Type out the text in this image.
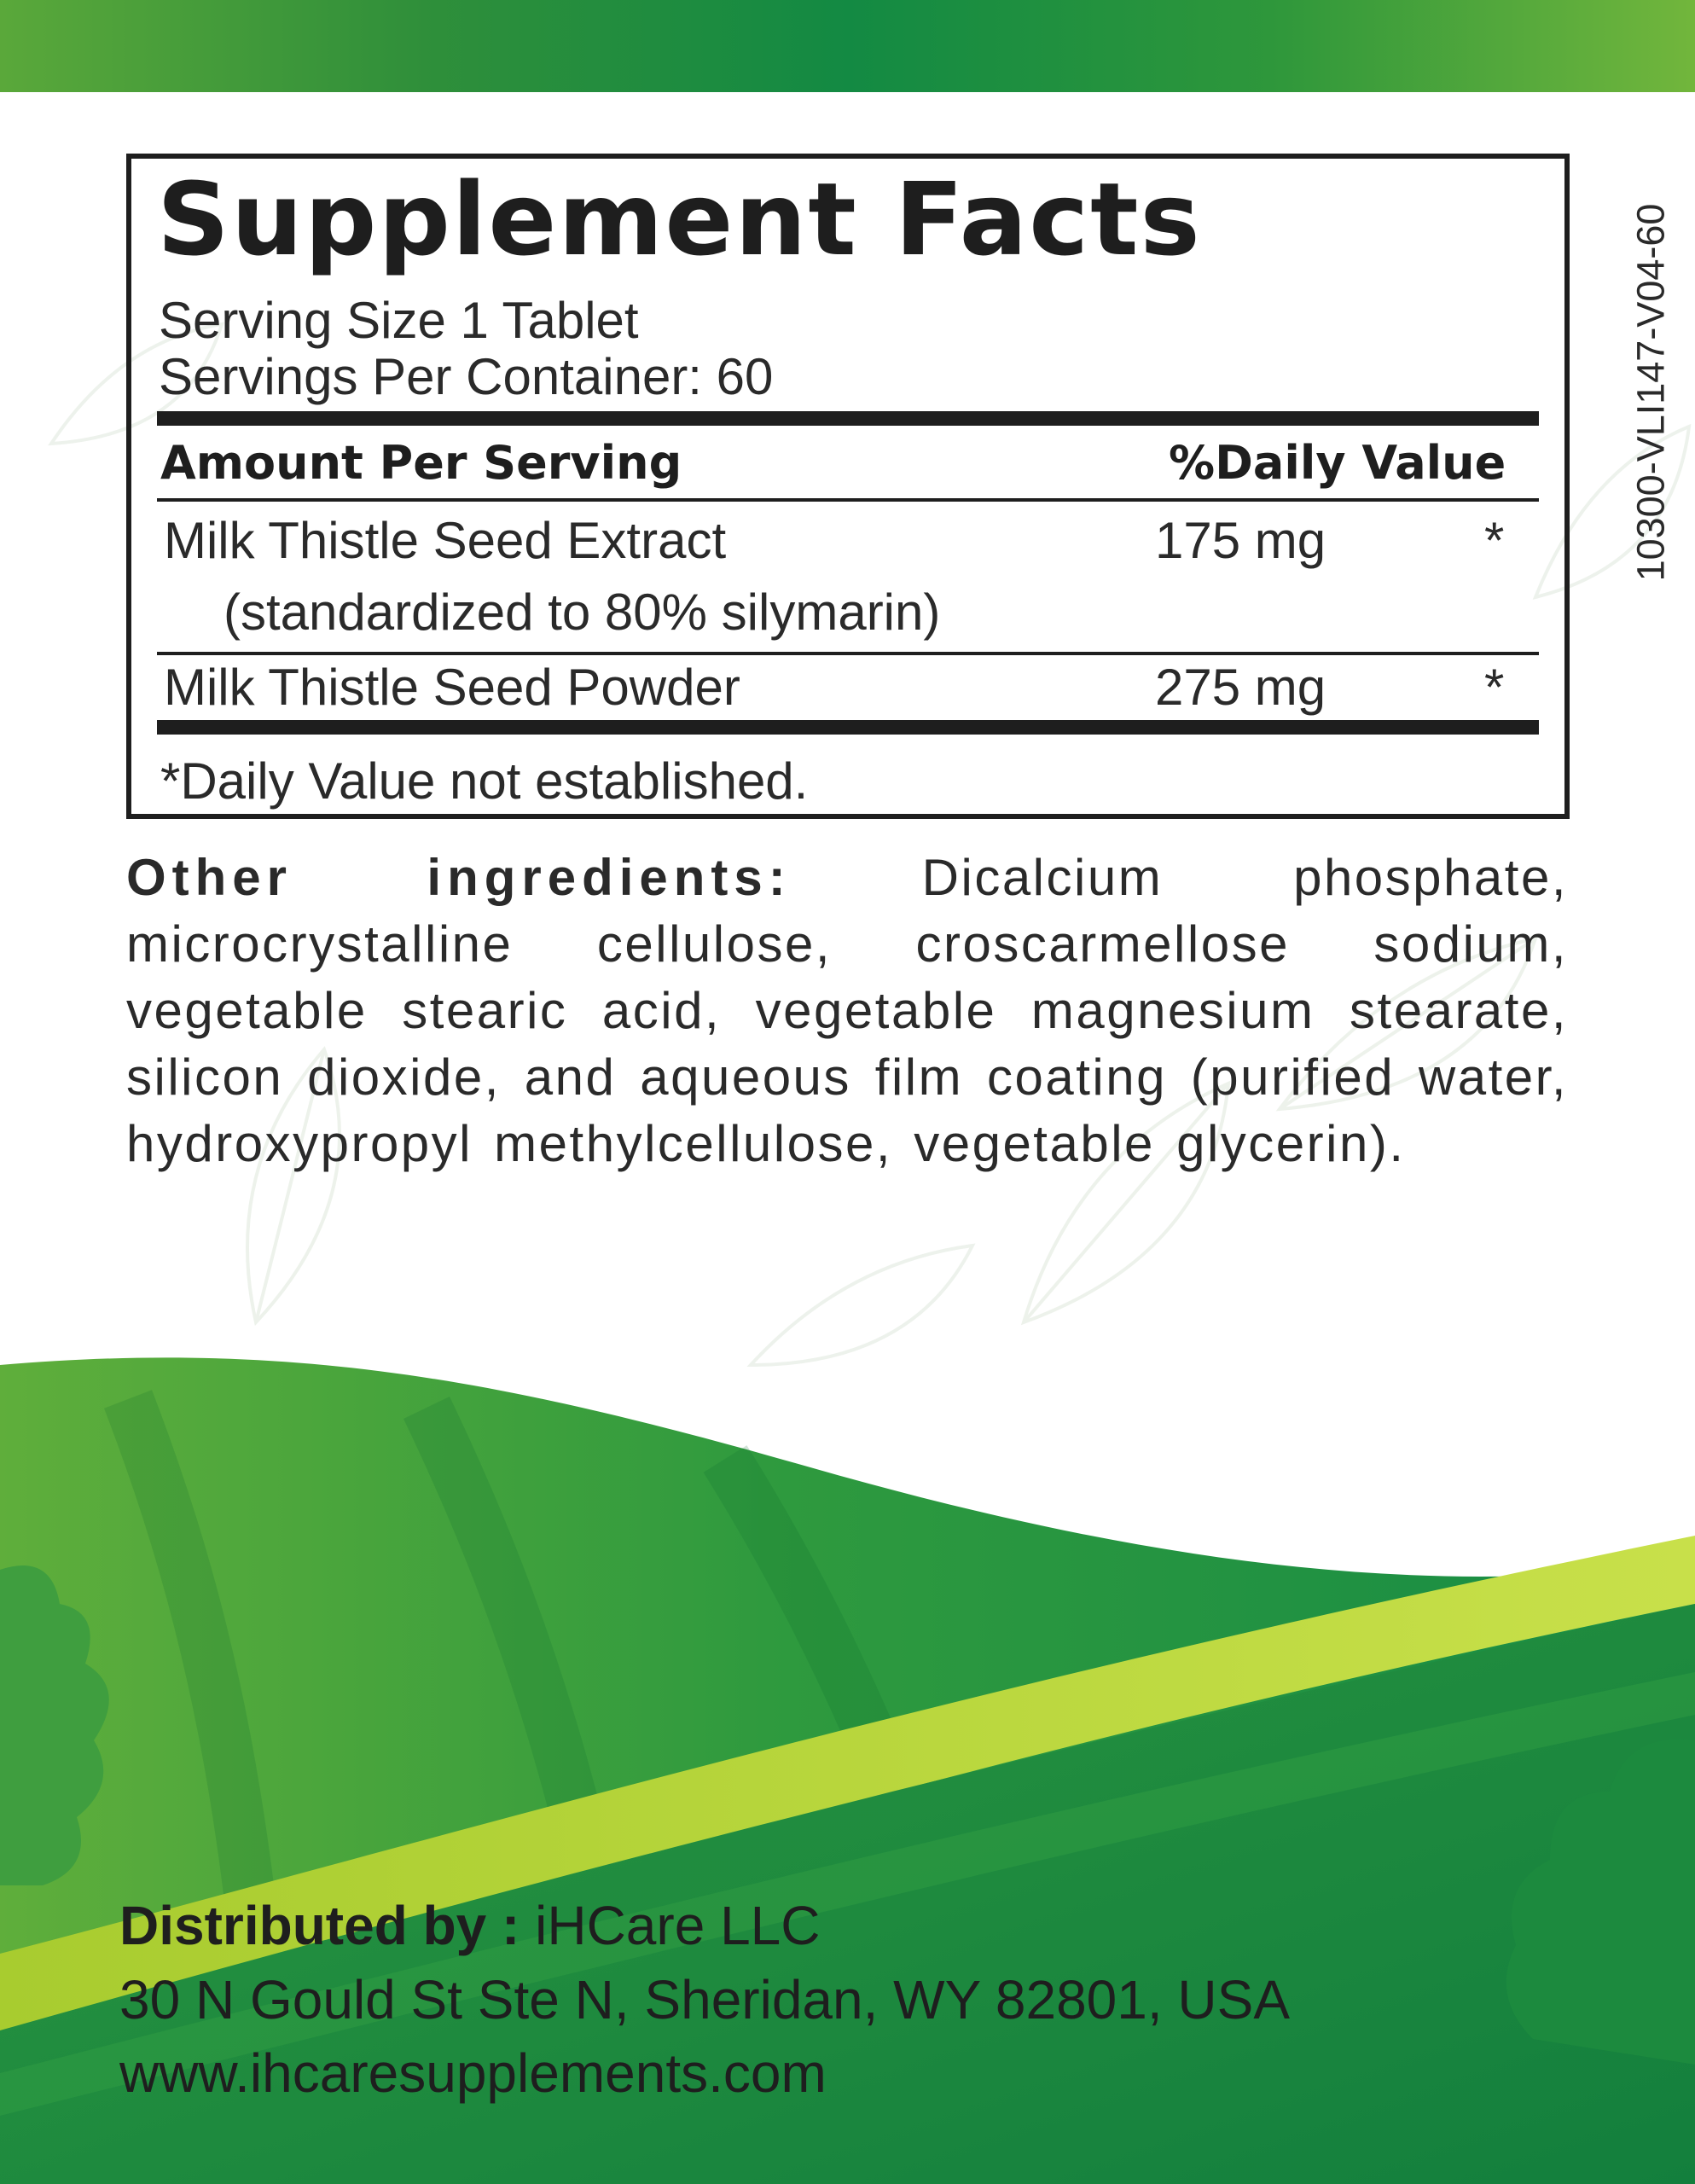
Supplement Facts
Serving Size 1 Tablet
Servings Per Container: 60
Amount Per Serving	%Daily Value
Milk Thistle Seed Extract	175 mg	*
(standardized to 80% silymarin)
Milk Thistle Seed Powder	275 mg	*
*Daily Value not established.
Other ingredients:	Dicalcium phosphate, microcrystalline cellulose, croscarmellose sodium, vegetable stearic acid, vegetable magnesium stearate, silicon dioxide, and aqueous film coating (purified water, hydroxypropyl methylcellulose, vegetable glycerin).
10300-VLI147-V04-60
Distributed by : iHCare LLC
30 N Gould St Ste N, Sheridan, WY 82801, USA
www.ihcaresupplements.com
